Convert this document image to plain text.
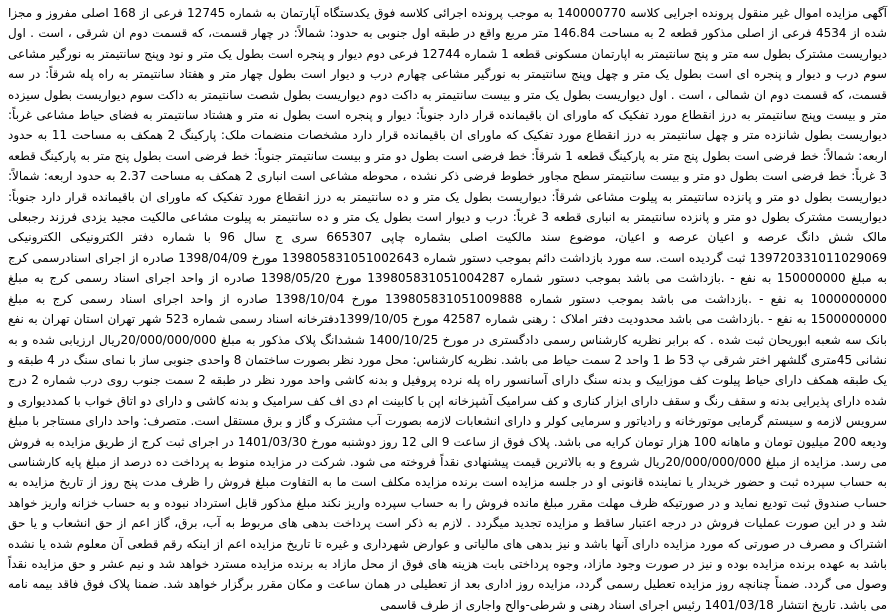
آگهی مزایده اموال غیر منقول پرونده اجرایی کلاسه 140000770 به موجب پرونده اجرائی کلاسه فوق یکدستگاه آپارتمان به شماره 12745 فرعی از 168 اصلی مفروز و مجزا شده از 4534 فرعی از اصلی مذکور قطعه 2 به مساحت 146.84 متر مربع واقع در طبقه اول جنوبی به حدود: شمالاً: در چهار قسمت، که قسمت دوم ان شرقی ، است . اول دیواریست مشترک بطول سه متر و پنج سانتیمتر به اپارتمان مسکونی قطعه 1 شماره 12744 فرعی دوم دیوار و پنجره است بطول یک متر و نود وپنج سانتیمتر به نورگیر مشاعی سوم درب و دیوار و پنجره ای است بطول یک متر و چهل وپنج سانتیمتر به نورگیر مشاعی چهارم درب و دیوار است بطول چهار متر و هفتاد سانتیمتر به راه پله شرقاً: در سه قسمت، که قسمت دوم ان شمالی ، است . اول دیواریست بطول یک متر و بیست سانتیمتر به داکت دوم دیواریست بطول شصت سانتیمتر به داکت سوم دیواریست بطول سیزده متر و بیست وپنج سانتیمتر به درز انقطاع مورد تفکیک که ماورای ان باقیمانده قرار دارد جنوباً: دیوار و پنجره است بطول نه متر و هشتاد سانتیمتر به فضای حیاط مشاعی غرباً: دیواریست بطول شانزده متر و چهل سانتیمتر به درز انقطاع مورد تفکیک که ماورای ان باقیمانده قرار دارد مشخصات منضمات ملک: پارکینگ 2 همکف به مساحت 11 به حدود اربعه: شمالاً: خط فرضی است بطول پنج متر به پارکینگ قطعه 1 شرقاً: خط فرضی است بطول دو متر و بیست سانتیمتر جنوباً: خط فرضی است بطول پنج متر به پارکینگ قطعه 3 غرباً: خط فرضی است بطول دو متر و بیست سانتیمتر سطح مجاور خطوط فرضی ذکر نشده ، محوطه مشاعی است انباری 2 همکف به مساحت 2.37 به حدود اربعه: شمالاً: دیواریست بطول دو متر و پانزده سانتیمتر به پیلوت مشاعی شرقاً: دیواریست بطول یک متر و ده سانتیمتر به درز انقطاع مورد تفکیک که ماورای ان باقیمانده قرار دارد جنوباً: دیواریست مشترک بطول دو متر و پانزده سانتیمتر به انباری قطعه 3 غرباً: درب و دیوار است بطول یک متر و ده سانتیمتر به پیلوت مشاعی مالکیت مجید یزدی فرزند رجبعلی مالک شش دانگ عرصه و اعیان عرصه و اعیان، موضوع سند مالکیت اصلی بشماره چاپی 665307 سری ج سال 96 با شماره دفتر الکترونیکی الکترونیکی 139720331011029069 ثبت گردیده است. سه مورد بازداشت دائم بموجب دستور شماره 139805831051002643 مورخ 1398/04/09 صادره از اجرای اسنادرسمی کرج به مبلغ 150000000 به نفع - .بازداشت می باشد بموجب دستور شماره 139805831051004287 مورخ 1398/05/20 صادره از واحد اجرای اسناد رسمی کرج به مبلغ 1000000000 به نفع - .بازداشت می باشد بموجب دستور شماره 139805831051009888 مورخ 1398/10/04 صادره از واحد اجرای اسناد رسمی کرج به مبلغ 1500000000 به نفع - .بازداشت می باشد محدودیت دفتر املاک : رهنی شماره 42587 مورخ 1399/10/05دفترخانه اسناد رسمی شماره 523 شهر تهران استان تهران به نفع بانک سه شعبه ابوریحان ثبت شده . که برابر نظریه کارشناس رسمی دادگستری در مورخ 1400/10/25 ششدانگ پلاک مذکور به مبلغ 20/000/000/000ریال ارزیابی شده و به نشانی 45متری گلشهر اختر شرقی پ 53 ط 1 واحد 2 سمت حیاط می باشد. نظریه کارشناس: محل مورد نظر بصورت ساختمان 8 واحدی جنوبی ساز با نمای سنگ در 4 طبقه و یک طبقه همکف دارای حیاط پیلوت کف موزاییک و بدنه سنگ دارای آسانسور راه پله نرده پروفیل و بدنه کاشی واحد مورد نظر در طبقه 2 سمت جنوب روی درب شماره 2 درج شده دارای پذیرایی بدنه و سقف رنگ و سقف دارای ابزار کناری و کف سرامیک آشپزخانه اپن با کابینت ام دی اف کف سرامیک و بدنه کاشی و دارای دو اتاق خواب با کمددیواری و سرویس لازمه و سیستم گرمایی موتورخانه و رادیاتور و سرمایی کولر و دارای انشعابات لازمه بصورت آب مشترک و گاز و برق مستقل است. متصرف: واحد دارای مستاجر با مبلغ ودیعه 200 میلیون تومان و ماهانه 100 هزار تومان کرایه می باشد. پلاک فوق از ساعت 9 الی 12 روز دوشنبه مورخ 1401/03/30 در اجرای ثبت کرج از طریق مزایده به فروش می رسد. مزایده از مبلغ 20/000/000/000ریال شروع و به بالاترین قیمت پیشنهادی نقداً فروخته می شود. شرکت در مزایده منوط به پرداخت ده درصد از مبلغ پایه کارشناسی به حساب سپرده ثبت و حضور خریدار یا نماینده قانونی او در جلسه مزایده است برنده مزایده مکلف است ما به التفاوت مبلغ فروش را ظرف مدت پنج روز از تاریخ مزایده به حساب صندوق ثبت تودیع نماید و در صورتیکه ظرف مهلت مقرر مبلغ مانده فروش را به حساب سپرده واریز نکند مبلغ مذکور قابل استرداد نبوده و به حساب خزانه واریز خواهد شد و در این صورت عملیات فروش در درجه اعتبار ساقط و مزایده تجدید میگردد . لازم به ذکر است پرداخت بدهی های مربوط به آب، برق، گاز اعم از حق انشعاب و یا حق اشتراک و مصرف در صورتی که مورد مزایده دارای آنها باشد و نیز بدهی های مالیاتی و عوارض شهرداری و غیره تا تاریخ مزایده اعم از اینکه رقم قطعی آن معلوم شده یا نشده باشد به عهده برنده مزایده بوده و نیز در صورت وجود مازاد، وجوه پرداختی بابت هزینه های فوق از محل مازاد به برنده مزایده مسترد خواهد شد و نیم عشر و حق مزایده نقداً وصول می گردد. ضمناً چنانچه روز مزایده تعطیل رسمی گردد، مزایده روز اداری بعد از تعطیلی در همان ساعت و مکان مقرر برگزار خواهد شد. ضمنا پلاک فوق فاقد بیمه نامه می باشد. تاریخ انتشار 1401/03/18 رئیس اجرای اسناد رهنی و شرطی-والح واجاری از طرف قاسمی
